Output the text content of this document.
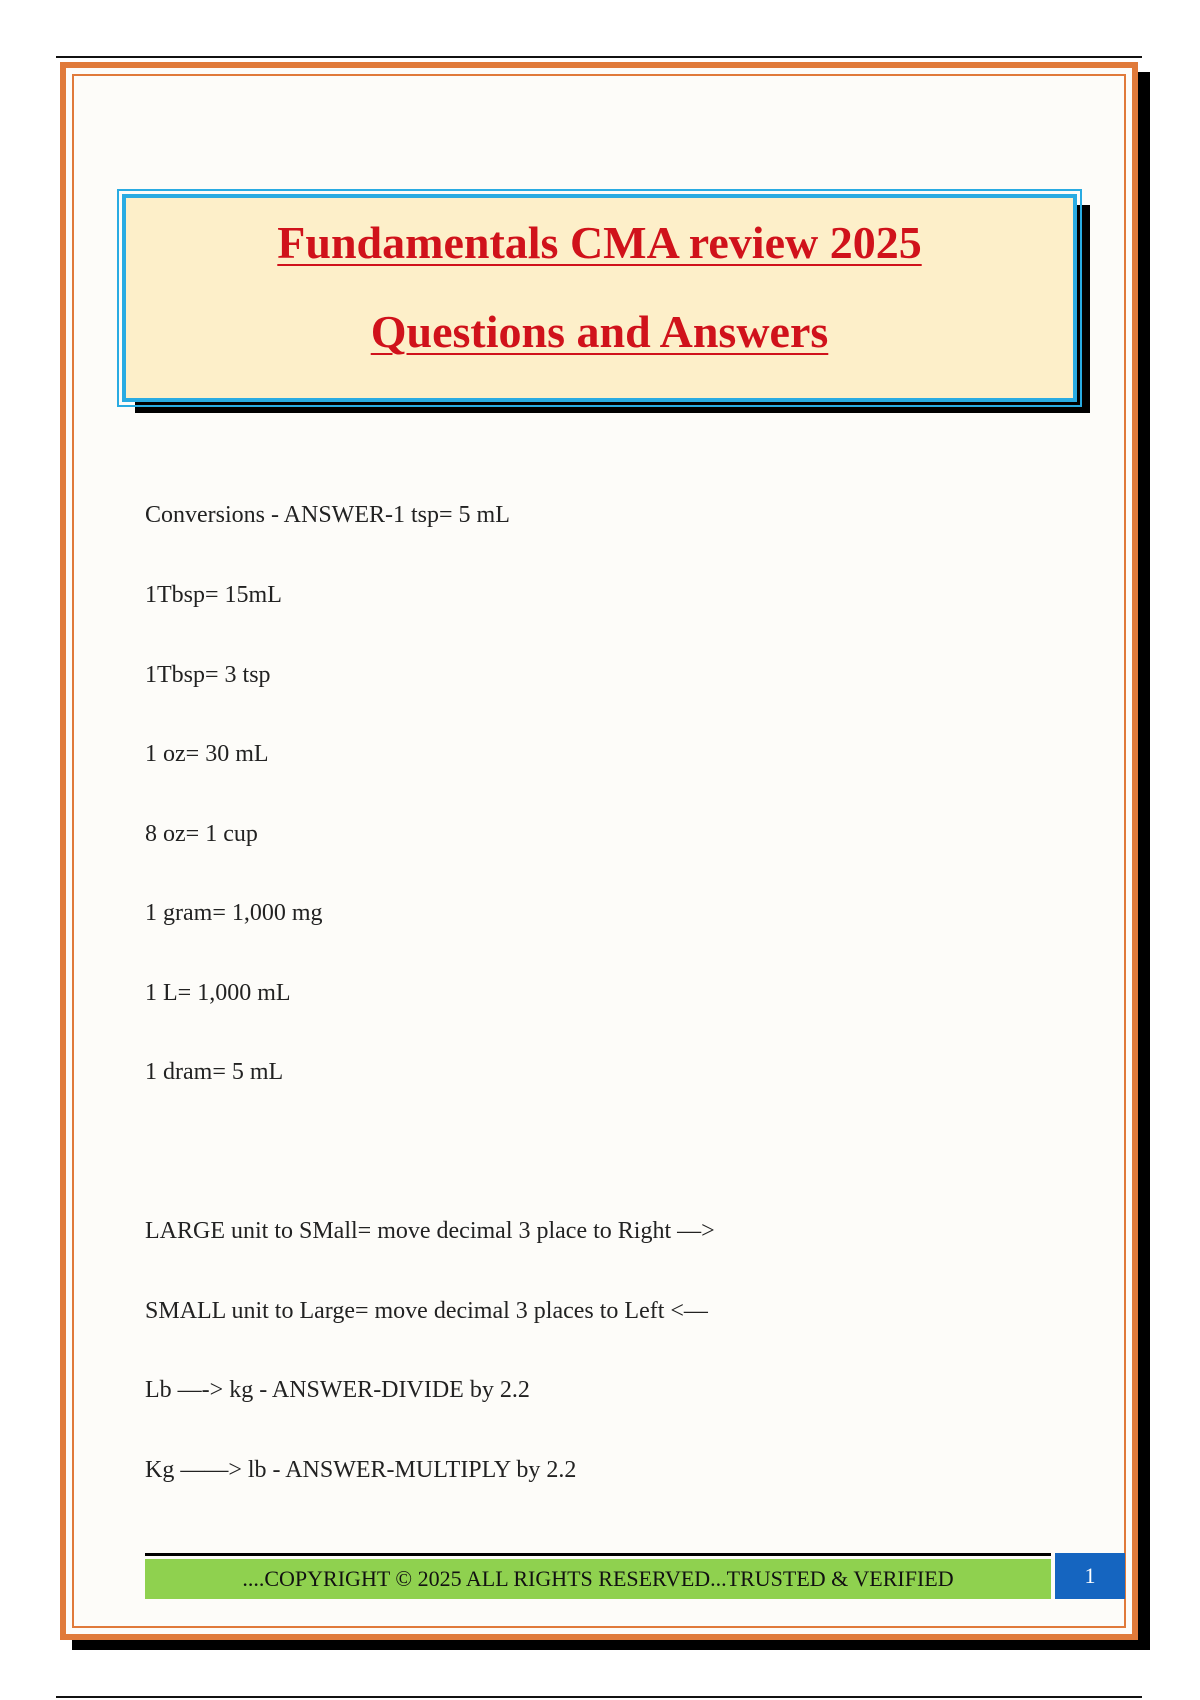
Fundamentals CMA review 2025
Questions and Answers
Conversions - ANSWER-1 tsp= 5 mL
1Tbsp= 15mL
1Tbsp= 3 tsp
1 oz= 30 mL
8 oz= 1 cup
1 gram= 1,000 mg
1 L= 1,000 mL
1 dram= 5 mL
LARGE unit to SMall= move decimal 3 place to Right —>
SMALL unit to Large= move decimal 3 places to Left <—
Lb —-> kg - ANSWER-DIVIDE by 2.2
Kg ——> lb - ANSWER-MULTIPLY by 2.2
....COPYRIGHT © 2025 ALL RIGHTS RESERVED...TRUSTED & VERIFIED	1
